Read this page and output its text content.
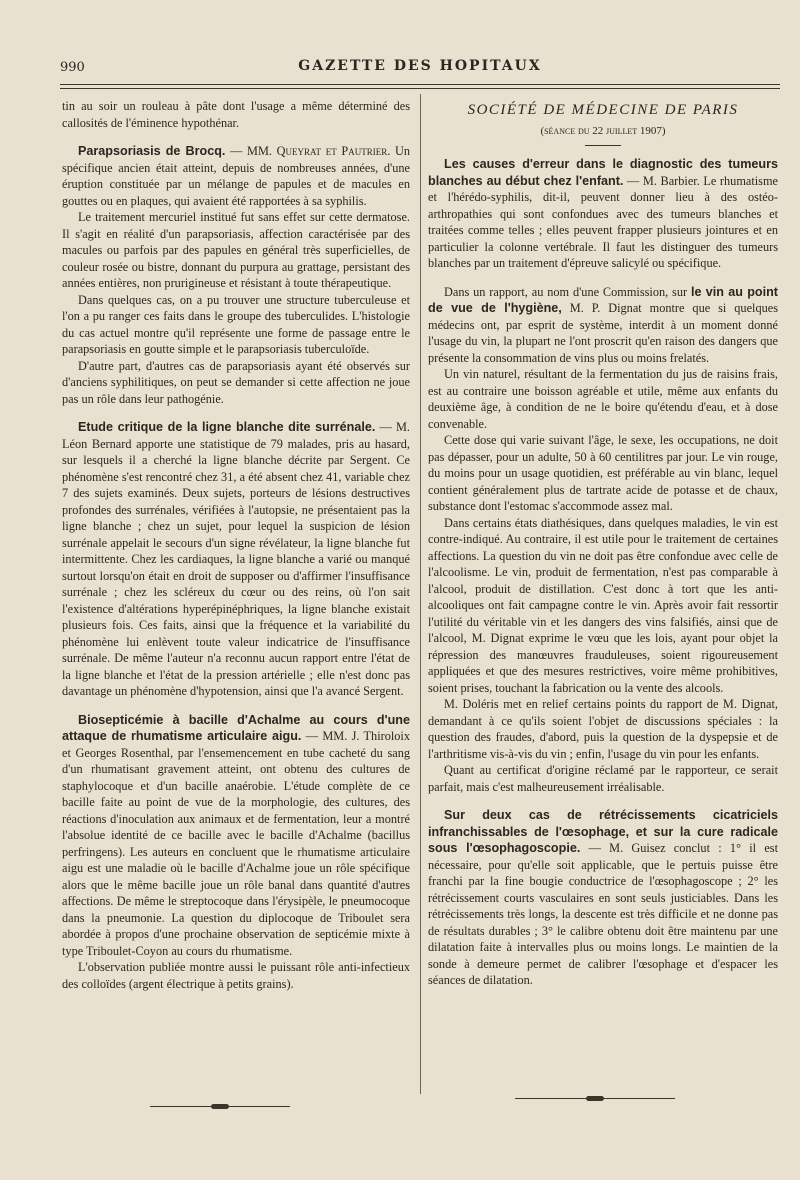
990	GAZETTE DES HOPITAUX

tin au soir un rouleau à pâte dont l'usage a même déterminé des callosités de l'éminence hypothénar.

Parapsoriasis de Brocq. — MM. Queyrat et Pautrier. Un spécifique ancien était atteint, depuis de nombreuses années, d'une éruption constituée par un mélange de papules et de macules en gouttes ou en plaques, qui avaient été rapportées à sa syphilis.

Le traitement mercuriel institué fut sans effet sur cette dermatose. Il s'agit en réalité d'un parapsoriasis, affection caractérisée par des macules ou parfois par des papules en général très superficielles, de couleur rosée ou bistre, donnant du purpura au grattage, persistant des années entières, non prurigineuse et résistant à toute thérapeutique.

Dans quelques cas, on a pu trouver une structure tuberculeuse et l'on a pu ranger ces faits dans le groupe des tuberculides. L'histologie du cas actuel montre qu'il représente une forme de passage entre le parapsoriasis en goutte simple et le parapsoriasis tuberculoïde.

D'autre part, d'autres cas de parapsoriasis ayant été observés sur d'anciens syphilitiques, on peut se demander si cette affection ne joue pas un rôle dans leur pathogénie.

Etude critique de la ligne blanche dite surrénale. — M. Léon Bernard apporte une statistique de 79 malades, pris au hasard, sur lesquels il a cherché la ligne blanche décrite par Sergent. Ce phénomène s'est rencontré chez 31, a été absent chez 41, variable chez 7 des sujets examinés. Deux sujets, porteurs de lésions destructives profondes des surrénales, vérifiées à l'autopsie, ne présentaient pas la ligne blanche ; chez un sujet, pour lequel la suspicion de lésion surrénale appelait le secours d'un signe révélateur, la ligne blanche fut intermittente. Chez les cardiaques, la ligne blanche a varié ou manqué surtout lorsqu'on était en droit de supposer ou d'affirmer l'insuffisance surrénale ; chez les scléreux du cœur ou des reins, où l'on sait l'existence d'altérations hyperépinéphriques, la ligne blanche existait plusieurs fois. Ces faits, ainsi que la fréquence et la variabilité du phénomène lui enlèvent toute valeur indicatrice de l'insuffisance surrénale. De même l'auteur n'a reconnu aucun rapport entre l'état de la ligne blanche et l'état de la pression artérielle ; elle n'est donc pas davantage un phénomène d'hypotension, ainsi que l'a avancé Sergent.

Biosepticémie à bacille d'Achalme au cours d'une attaque de rhumatisme articulaire aigu. — MM. J. Thiroloix et Georges Rosenthal, par l'ensemencement en tube cacheté du sang d'un rhumatisant gravement atteint, ont obtenu des cultures de staphylocoque et d'un bacille anaérobie. L'étude complète de ce bacille faite au point de vue de la morphologie, des cultures, des réactions d'inoculation aux animaux et de fermentation, leur a montré l'absolue identité de ce bacille avec le bacille d'Achalme (bacillus perfringens). Les auteurs en concluent que le rhumatisme articulaire aigu est une maladie où le bacille d'Achalme joue un rôle spécifique alors que le même bacille joue un rôle banal dans quantité d'autres affections. De même le streptocoque dans l'érysipèle, le pneumocoque dans la pneumonie. La question du diplocoque de Triboulet sera abordée à propos d'une prochaine observation de septicémie mixte à type Triboulet-Coyon au cours du rhumatisme.

L'observation publiée montre aussi le puissant rôle anti-infectieux des colloïdes (argent électrique à petits grains).

SOCIÉTÉ DE MÉDECINE DE PARIS
(séance du 22 juillet 1907)

Les causes d'erreur dans le diagnostic des tumeurs blanches au début chez l'enfant. — M. Barbier. Le rhumatisme et l'hérédo-syphilis, dit-il, peuvent donner lieu à des ostéo-arthropathies qui sont confondues avec des tumeurs blanches et traitées comme telles ; elles peuvent frapper plusieurs jointures et en particulier la colonne vertébrale. Il faut les distinguer des tumeurs blanches par un traitement d'épreuve salicylé ou spécifique.

Dans un rapport, au nom d'une Commission, sur le vin au point de vue de l'hygiène, M. P. Dignat montre que si quelques médecins ont, par esprit de système, interdit à un moment donné l'usage du vin, la plupart ne l'ont proscrit qu'en raison des dangers que présente la consommation de vins plus ou moins frelatés.

Un vin naturel, résultant de la fermentation du jus de raisins frais, est au contraire une boisson agréable et utile, même aux enfants du deuxième âge, à condition de ne le boire qu'étendu d'eau, et à dose convenable.

Cette dose qui varie suivant l'âge, le sexe, les occupations, ne doit pas dépasser, pour un adulte, 50 à 60 centilitres par jour. Le vin rouge, du moins pour un usage quotidien, est préférable au vin blanc, lequel contient généralement plus de tartrate acide de potasse et de chaux, substance dont l'estomac s'accommode assez mal.

Dans certains états diathésiques, dans quelques maladies, le vin est contre-indiqué. Au contraire, il est utile pour le traitement de certaines affections. La question du vin ne doit pas être confondue avec celle de l'alcoolisme. Le vin, produit de fermentation, n'est pas comparable à l'alcool, produit de distillation. C'est donc à tort que les anti-alcooliques ont fait campagne contre le vin. Après avoir fait ressortir l'utilité du véritable vin et les dangers des vins falsifiés, ainsi que de l'alcool, M. Dignat exprime le vœu que les lois, ayant pour objet la répression des manœuvres frauduleuses, soient rigoureusement appliquées et que des mesures restrictives, voire même prohibitives, soient prises, touchant la fabrication ou la vente des alcools.

M. Doléris met en relief certains points du rapport de M. Dignat, demandant à ce qu'ils soient l'objet de discussions spéciales : la question des fraudes, d'abord, puis la question de la dyspepsie et de l'arthritisme vis-à-vis du vin ; enfin, l'usage du vin pour les enfants.

Quant au certificat d'origine réclamé par le rapporteur, ce serait parfait, mais c'est malheureusement irréalisable.

Sur deux cas de rétrécissements cicatriciels infranchissables de l'œsophage, et sur la cure radicale sous l'œsophagoscopie. — M. Guisez conclut : 1° il est nécessaire, pour qu'elle soit applicable, que le pertuis puisse être franchi par la fine bougie conductrice de l'œsophagoscope ; 2° les rétrécissement courts vasculaires en sont seuls justiciables. Dans les rétrécissements très longs, la descente est très difficile et ne donne pas de résultats durables ; 3° le calibre obtenu doit être maintenu par une dilatation faite à intervalles plus ou moins longs. Le maintien de la sonde à demeure permet de calibrer l'œsophage et d'espacer les séances de dilatation.
